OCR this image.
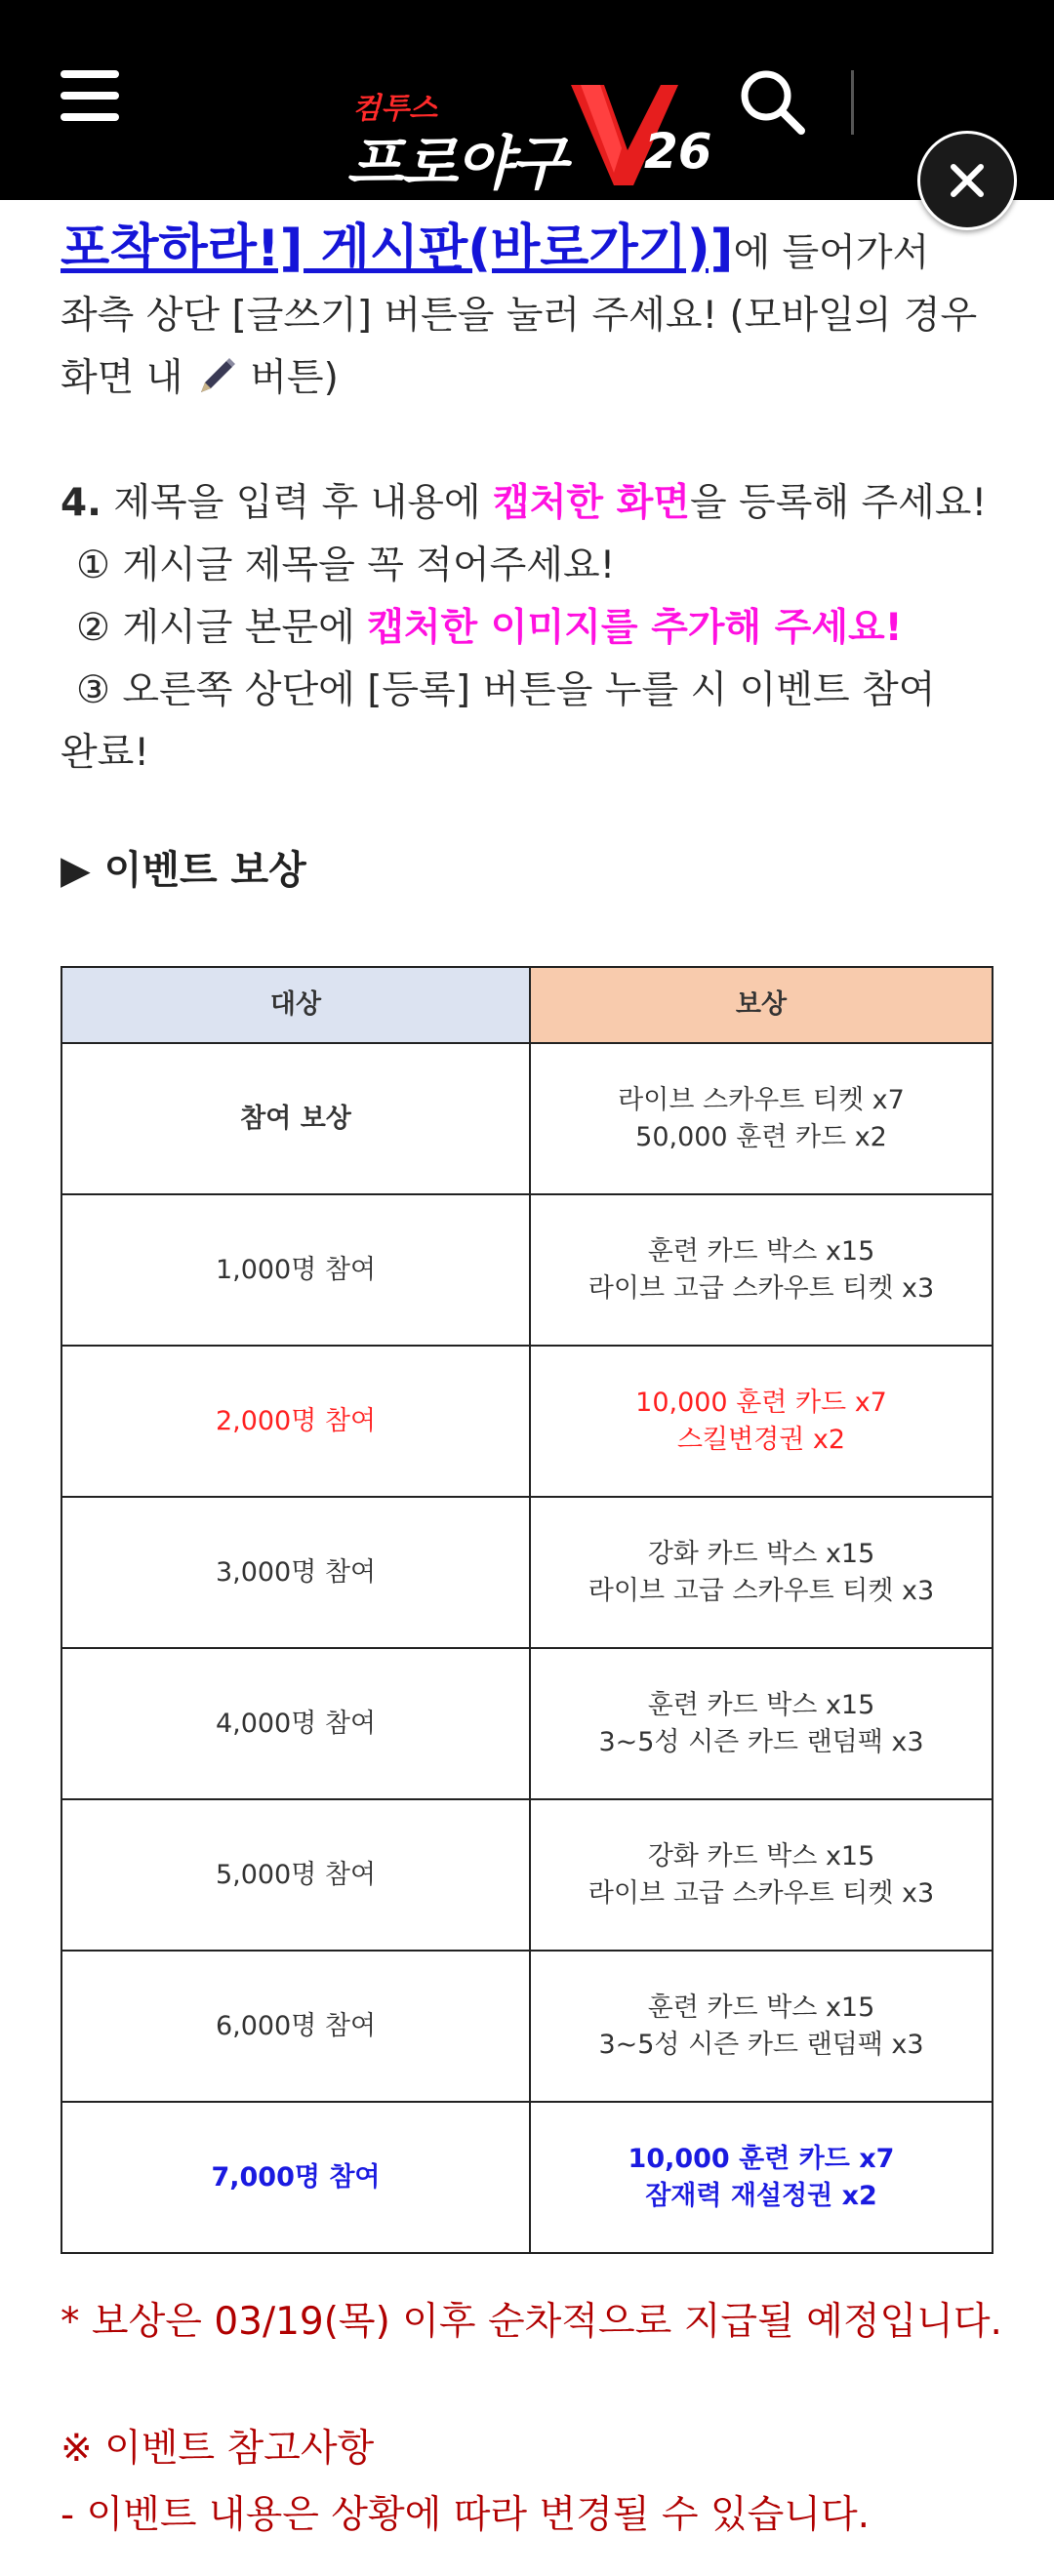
컴투스
프로야구 26

포착하라!] 게시판(바로가기)]에 들어가서

좌측 상단 [글쓰기] 버튼을 눌러 주세요! (모바일의 경우

화면 내 버튼)

4. 제목을 입력 후 내용에 캡처한 화면을 등록해 주세요!

① 게시글 제목을 꼭 적어주세요!

② 게시글 본문에 캡처한 이미지를 추가해 주세요!

③ 오른쪽 상단에 [등록] 버튼을 누를 시 이벤트 참여

완료!

▶ 이벤트 보상

대상	보상
참여 보상	라이브 스카우트 티켓 x7
50,000 훈련 카드 x2
1,000명 참여	훈련 카드 박스 x15
라이브 고급 스카우트 티켓 x3
2,000명 참여	10,000 훈련 카드 x7
스킬변경권 x2
3,000명 참여	강화 카드 박스 x15
라이브 고급 스카우트 티켓 x3
4,000명 참여	훈련 카드 박스 x15
3~5성 시즌 카드 랜덤팩 x3
5,000명 참여	강화 카드 박스 x15
라이브 고급 스카우트 티켓 x3
6,000명 참여	훈련 카드 박스 x15
3~5성 시즌 카드 랜덤팩 x3
7,000명 참여	10,000 훈련 카드 x7
잠재력 재설정권 x2

* 보상은 03/19(목) 이후 순차적으로 지급될 예정입니다.

※ 이벤트 참고사항

- 이벤트 내용은 상황에 따라 변경될 수 있습니다.
